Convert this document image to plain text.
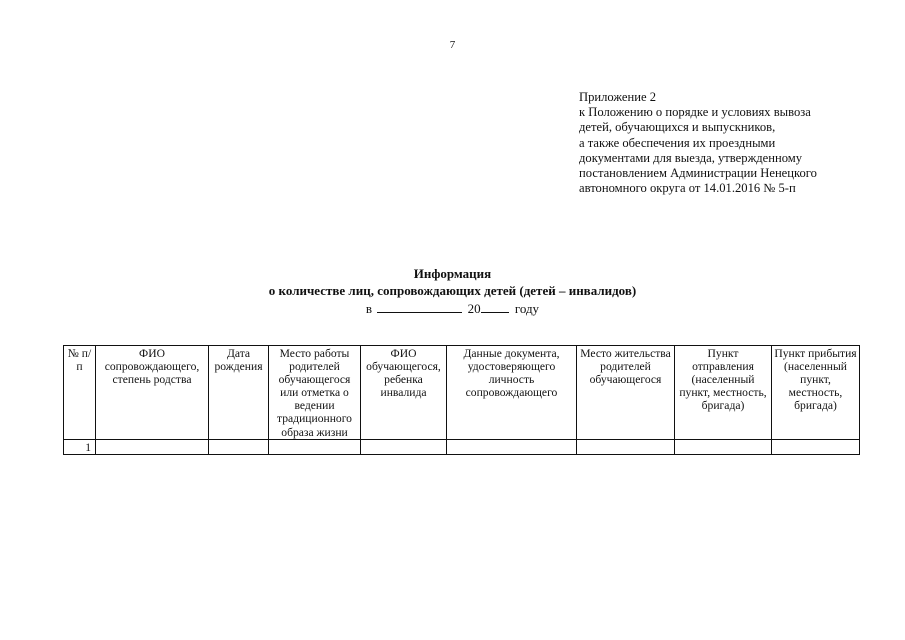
7
Приложение 2
к Положению о порядке и условиях вывоза
детей, обучающихся и выпускников,
а также обеспечения их проездными
документами для выезда, утвержденному
постановлением Администрации Ненецкого
автономного округа от 14.01.2016 № 5-п
Информация
о количестве лиц, сопровождающих детей (детей – инвалидов)
в	20	году
№ п/п	ФИО сопровождающего, степень родства	Дата рождения	Место работы родителей обучающегося или отметка о ведении традиционного образа жизни	ФИО обучающегося, ребенка инвалида	Данные документа, удостоверяющего личность сопровождающего	Место жительства родителей обучающегося	Пункт отправления (населенный пункт, местность, бригада)	Пункт прибытия (населенный пункт, местность, бригада)
1								
